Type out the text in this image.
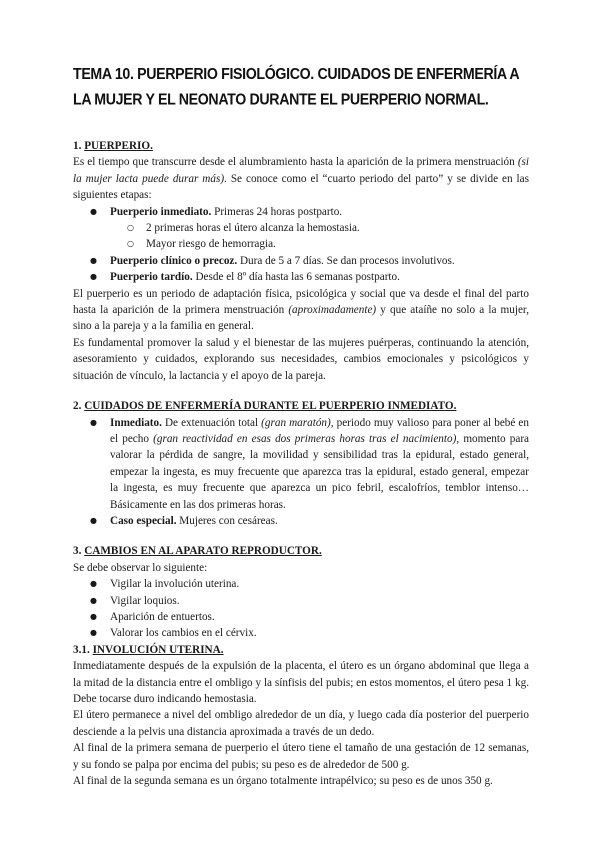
TEMA 10. PUERPERIO FISIOLÓGICO. CUIDADOS DE ENFERMERÍA A LA MUJER Y EL NEONATO DURANTE EL PUERPERIO NORMAL.
1. PUERPERIO.

Es el tiempo que transcurre desde el alumbramiento hasta la aparición de la primera menstruación (si la mujer lacta puede durar más). Se conoce como el “cuarto periodo del parto” y se divide en las siguientes etapas:

● Puerperio inmediato. Primeras 24 horas postparto.
○ 2 primeras horas el útero alcanza la hemostasia.
○ Mayor riesgo de hemorragia.
● Puerperio clínico o precoz. Dura de 5 a 7 días. Se dan procesos involutivos.
● Puerperio tardío. Desde el 8º día hasta las 6 semanas postparto.

El puerperio es un periodo de adaptación física, psicológica y social que va desde el final del parto hasta la aparición de la primera menstruación (aproximadamente) y que ataíñe no solo a la mujer, sino a la pareja y a la familia en general.

Es fundamental promover la salud y el bienestar de las mujeres puérperas, continuando la atención, asesoramiento y cuidados, explorando sus necesidades, cambios emocionales y psicológicos y situación de vínculo, la lactancia y el apoyo de la pareja.

2. CUIDADOS DE ENFERMERÍA DURANTE EL PUERPERIO INMEDIATO.

● Inmediato. De extenuación total (gran maratón), periodo muy valioso para poner al bebé en el pecho (gran reactividad en esas dos primeras horas tras el nacimiento), momento para valorar la pérdida de sangre, la movilidad y sensibilidad tras la epidural, estado general, empezar la ingesta, es muy frecuente que aparezca tras la epidural, estado general, empezar la ingesta, es muy frecuente que aparezca un pico febril, escalofríos, temblor intenso… Básicamente en las dos primeras horas.

● Caso especial. Mujeres con cesáreas.
3. CAMBIOS EN AL APARATO REPRODUCTOR.

Se debe observar lo siguiente:

● Vigilar la involución uterina.
● Vigilar loquios.
● Aparición de entuertos.
● Valorar los cambios en el cérvix.
3.1. INVOLUCIÓN UTERINA.

Inmediatamente después de la expulsión de la placenta, el útero es un órgano abdominal que llega a la mitad de la distancia entre el ombligo y la sínfisis del pubis; en estos momentos, el útero pesa 1 kg. Debe tocarse duro indicando hemostasia.

El útero permanece a nivel del ombligo alrededor de un día, y luego cada día posterior del puerperio desciende a la pelvis una distancia aproximada a través de un dedo.

Al final de la primera semana de puerperio el útero tiene el tamaño de una gestación de 12 semanas, y su fondo se palpa por encima del pubis; su peso es de alrededor de 500 g.

Al final de la segunda semana es un órgano totalmente intrapélvico; su peso es de unos 350 g.
